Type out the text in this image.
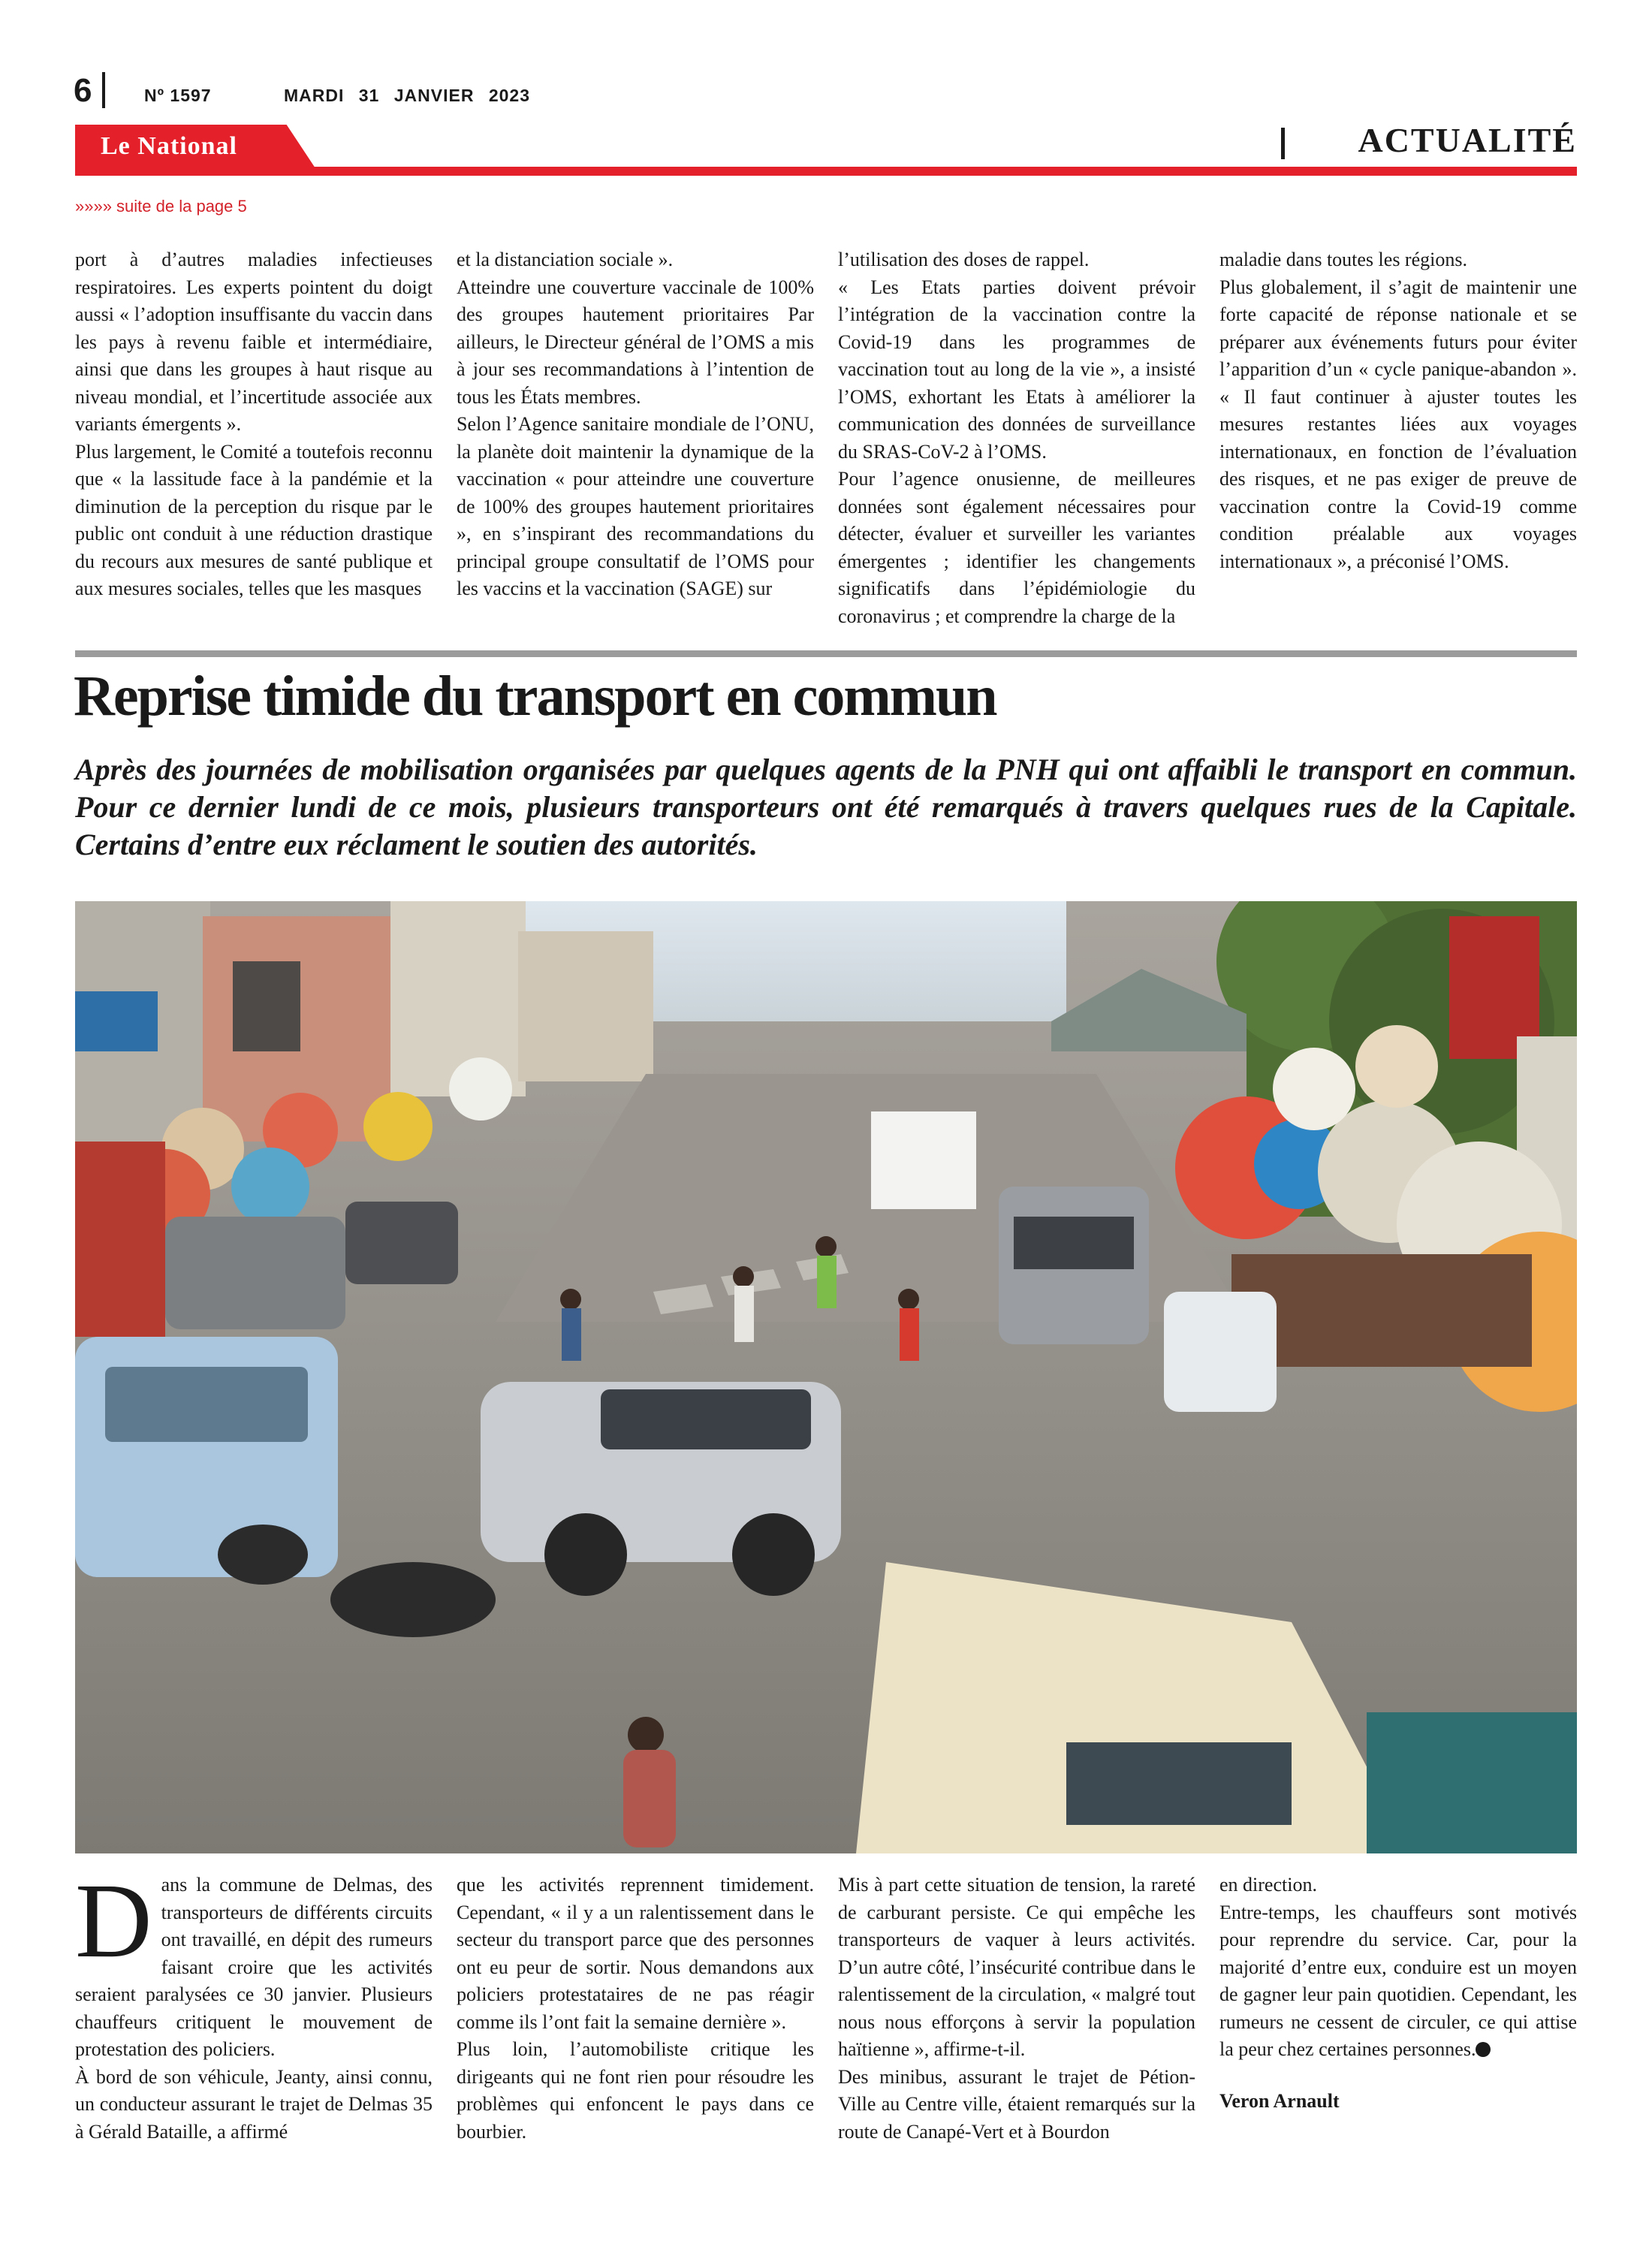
6	Nº 1597	MARDI 31 JANVIER 2023
Le National	ACTUALITÉ
»»»» suite de la page 5

port à d’autres maladies infectieuses respiratoires. Les experts pointent du doigt aussi « l’adoption insuffisante du vaccin dans les pays à revenu faible et intermédiaire, ainsi que dans les groupes à haut risque au niveau mondial, et l’incertitude associée aux variants émergents ».

Plus largement, le Comité a toutefois reconnu que « la lassitude face à la pandémie et la diminution de la perception du risque par le public ont conduit à une réduction drastique du recours aux mesures de santé publique et aux mesures sociales, telles que les masques

et la distanciation sociale ».

Atteindre une couverture vaccinale de 100% des groupes hautement prioritaires Par ailleurs, le Directeur général de l’OMS a mis à jour ses recommandations à l’intention de tous les États membres.

Selon l’Agence sanitaire mondiale de l’ONU, la planète doit maintenir la dynamique de la vaccination « pour atteindre une couverture de 100% des groupes hautement prioritaires », en s’inspirant des recommandations du principal groupe consultatif de l’OMS pour les vaccins et la vaccination (SAGE) sur

l’utilisation des doses de rappel.

« Les Etats parties doivent prévoir l’intégration de la vaccination contre la Covid-19 dans les programmes de vaccination tout au long de la vie », a insisté l’OMS, exhortant les Etats à améliorer la communication des données de surveillance du SRAS-CoV-2 à l’OMS.

Pour l’agence onusienne, de meilleures données sont également nécessaires pour détecter, évaluer et surveiller les variantes émergentes ; identifier les changements significatifs dans l’épidémiologie du coronavirus ; et comprendre la charge de la

maladie dans toutes les régions.

Plus globalement, il s’agit de maintenir une forte capacité de réponse nationale et se préparer aux événements futurs pour éviter l’apparition d’un « cycle panique-abandon ». « Il faut continuer à ajuster toutes les mesures restantes liées aux voyages internationaux, en fonction de l’évaluation des risques, et ne pas exiger de preuve de vaccination contre la Covid-19 comme condition préalable aux voyages internationaux », a préconisé l’OMS.

Reprise timide du transport en commun

Après des journées de mobilisation organisées par quelques agents de la PNH qui ont affaibli le transport en commun. Pour ce dernier lundi de ce mois, plusieurs transporteurs ont été remarqués à travers quelques rues de la Capitale. Certains d’entre eux réclament le soutien des autorités.

Dans la commune de Delmas, des transporteurs de différents circuits ont travaillé, en dépit des rumeurs faisant croire que les activités seraient paralysées ce 30 janvier. Plusieurs chauffeurs critiquent le mouvement de protestation des policiers.

À bord de son véhicule, Jeanty, ainsi connu, un conducteur assurant le trajet de Delmas 35 à Gérald Bataille, a affirmé

que les activités reprennent timidement. Cependant, « il y a un ralentissement dans le secteur du transport parce que des personnes ont eu peur de sortir. Nous demandons aux policiers protestataires de ne pas réagir comme ils l’ont fait la semaine dernière ».

Plus loin, l’automobiliste critique les dirigeants qui ne font rien pour résoudre les problèmes qui enfoncent le pays dans ce bourbier.

Mis à part cette situation de tension, la rareté de carburant persiste. Ce qui empêche les transporteurs de vaquer à leurs activités. D’un autre côté, l’insécurité contribue dans le ralentissement de la circulation, « malgré tout nous nous efforçons à servir la population haïtienne », affirme-t-il.

Des minibus, assurant le trajet de Pétion-Ville au Centre ville, étaient remarqués sur la route de Canapé-Vert et à Bourdon

en direction.

Entre-temps, les chauffeurs sont motivés pour reprendre du service. Car, pour la majorité d’entre eux, conduire est un moyen de gagner leur pain quotidien. Cependant, les rumeurs ne cessent de circuler, ce qui attise la peur chez certaines personnes.

Veron Arnault
